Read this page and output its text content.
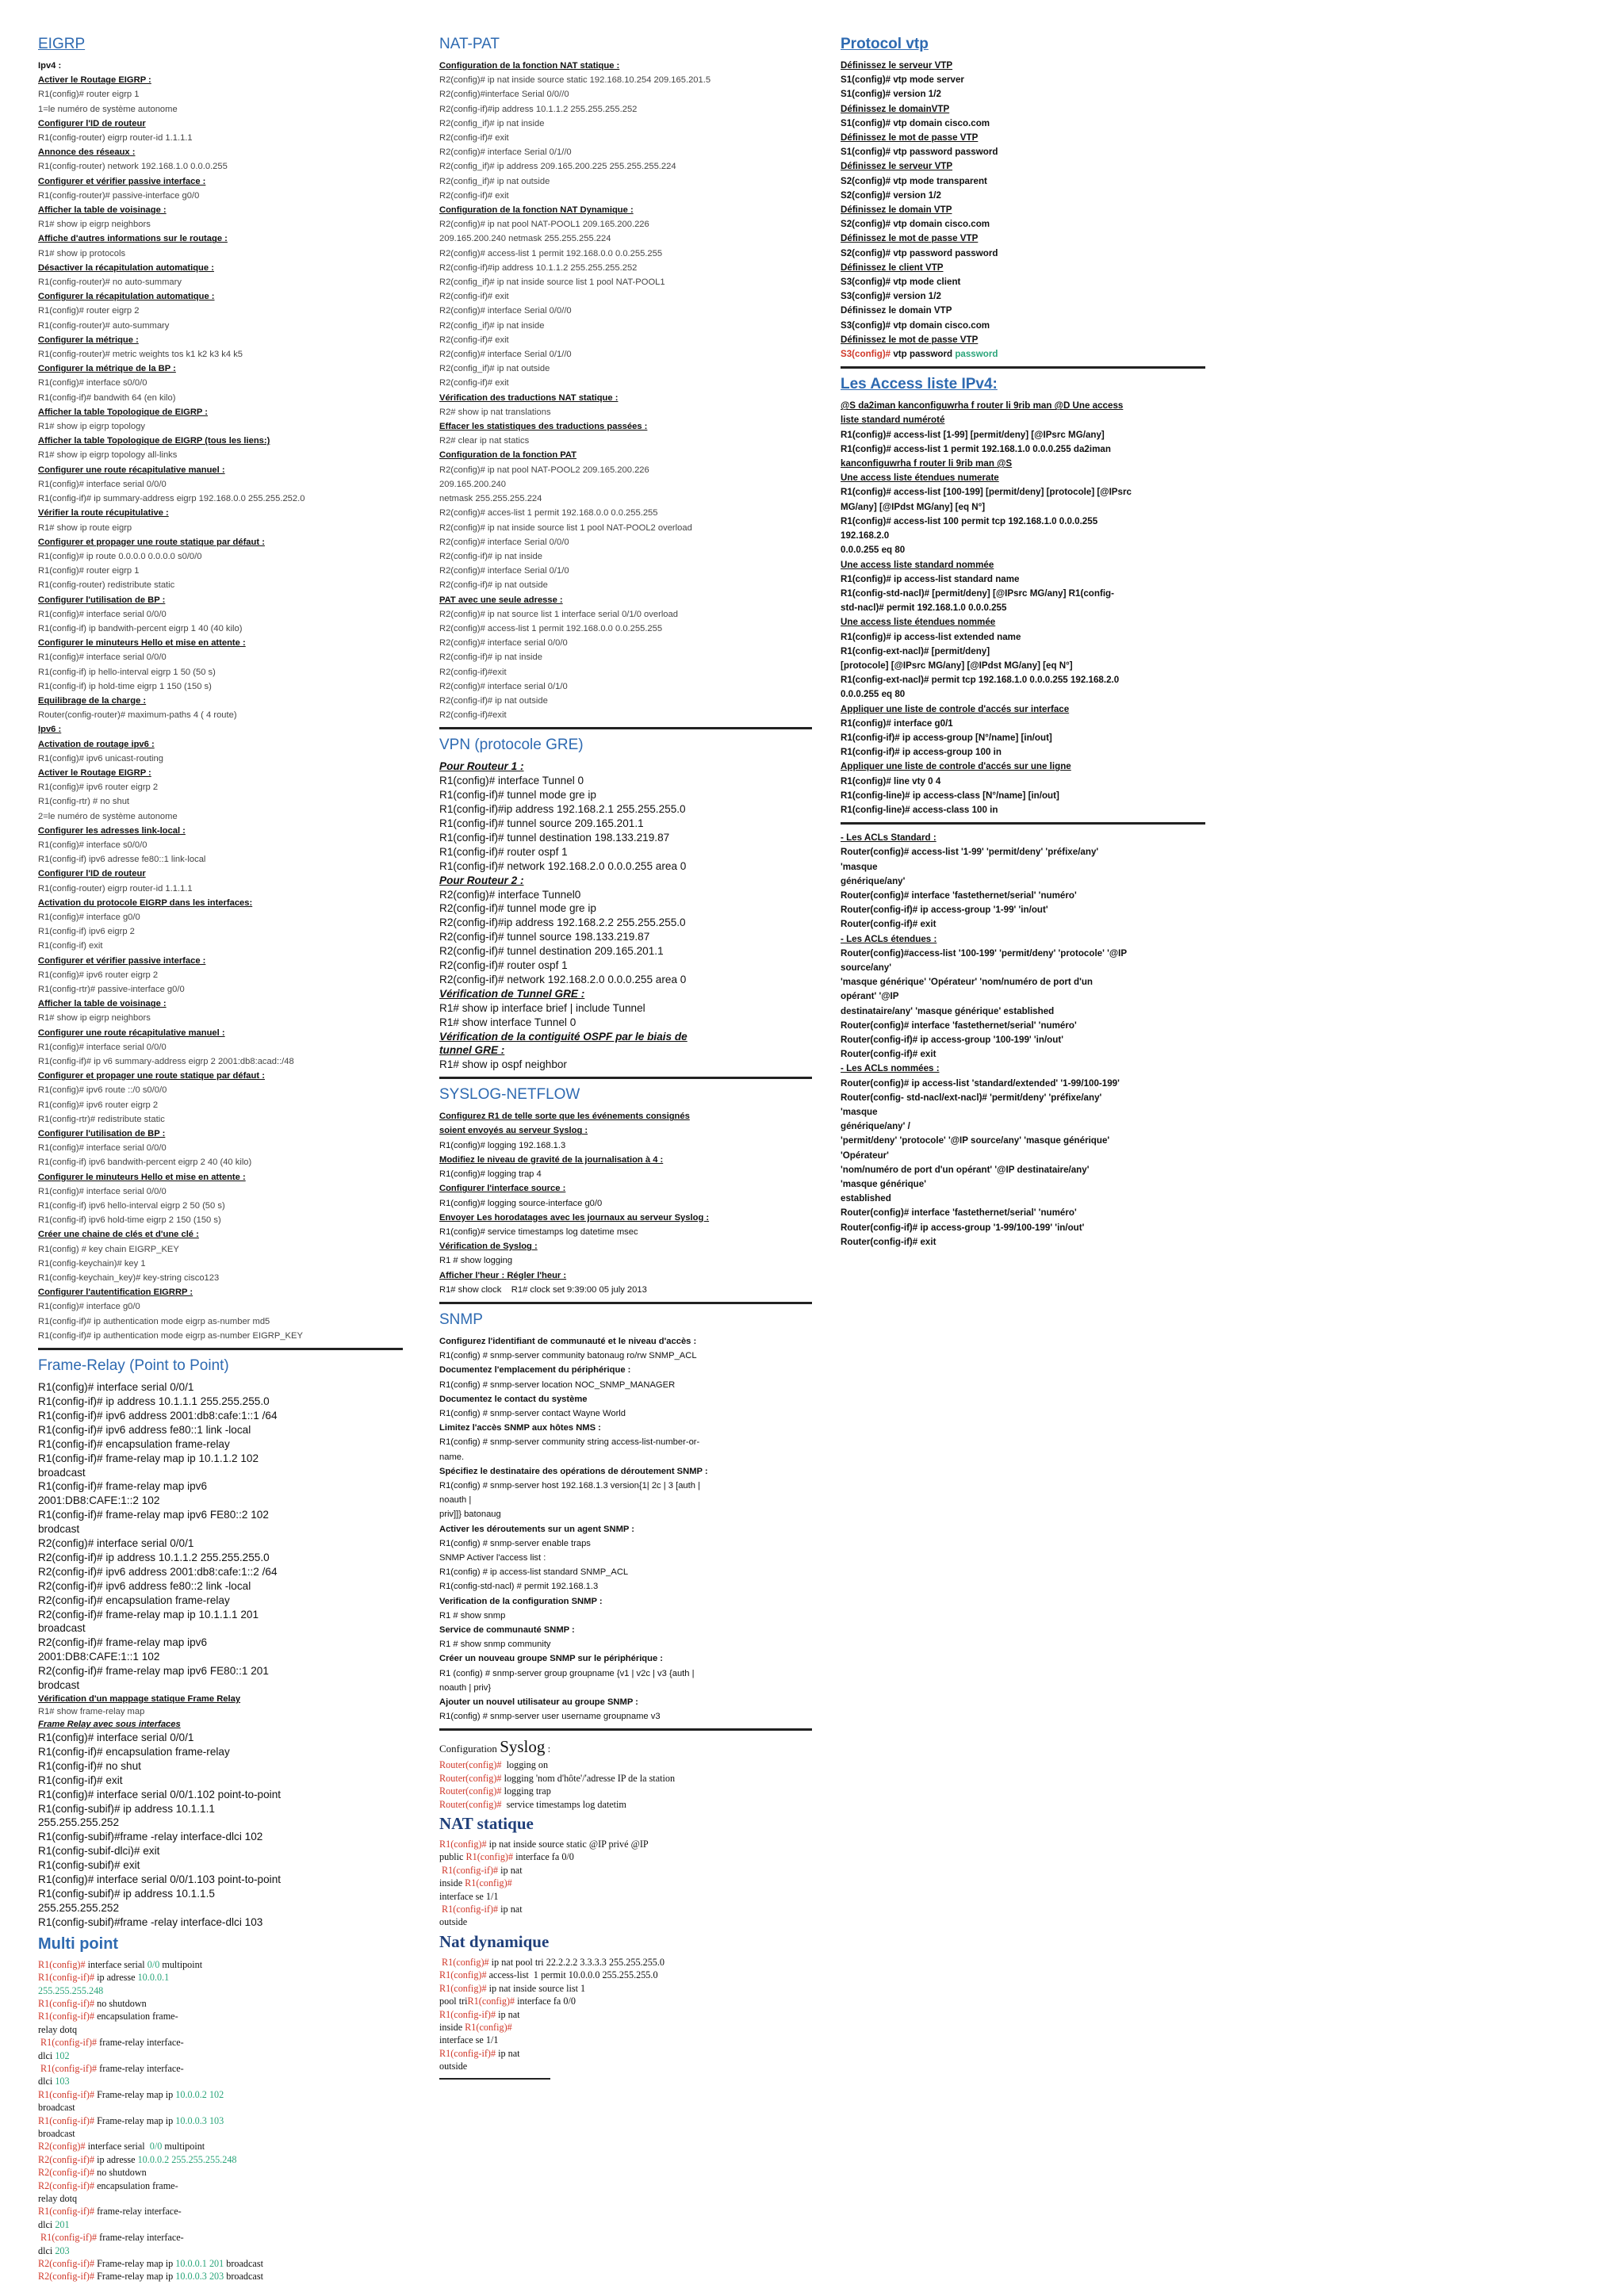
EIGRP
Ipv4 :
Activer le Routage EIGRP :
R1(config)# router eigrp 1
1=le numéro de système autonome
Configurer l'ID de routeur
R1(config-router) eigrp router-id 1.1.1.1
Annonce des réseaux :
R1(config-router) network 192.168.1.0 0.0.0.255
Configurer et vérifier passive interface :
R1(config-router)# passive-interface g0/0
Afficher la table de voisinage :
R1# show ip eigrp neighbors
Affiche d'autres informations sur le routage :
R1# show ip protocols
Désactiver la récapitulation automatique :
R1(config-router)# no auto-summary
Configurer la récapitulation automatique :
R1(config)# router eigrp 2
R1(config-router)# auto-summary
Configurer la métrique :
R1(config-router)# metric weights tos k1 k2 k3 k4 k5
Configurer la métrique de la BP :
R1(config)# interface s0/0/0
R1(config-if)# bandwith 64 (en kilo)
Afficher la table Topologique de EIGRP :
R1# show ip eigrp topology
Afficher la table Topologique de EIGRP (tous les liens:)
R1# show ip eigrp topology all-links
Configurer une route récapitulative manuel :
R1(config)# interface serial 0/0/0
R1(config-if)# ip summary-address eigrp 192.168.0.0 255.255.252.0
Vérifier la route récupitulative :
R1# show ip route eigrp
Configurer et propager une route statique par défaut :
R1(config)# ip route 0.0.0.0 0.0.0.0 s0/0/0
R1(config)# router eigrp 1
R1(config-router) redistribute static
Configurer l'utilisation de BP :
R1(config)# interface serial 0/0/0
R1(config-if) ip bandwith-percent eigrp 1 40 (40 kilo)
Configurer le minuteurs Hello et mise en attente :
R1(config)# interface serial 0/0/0
R1(config-if) ip hello-interval eigrp 1 50 (50 s)
R1(config-if) ip hold-time eigrp 1 150 (150 s)
Equilibrage de la charge :
Router(config-router)# maximum-paths 4 ( 4 route)
Ipv6 :
Activation de routage ipv6 :
R1(config)# ipv6 unicast-routing
Activer le Routage EIGRP :
R1(config)# ipv6 router eigrp 2
R1(config-rtr) # no shut
2=le numéro de système autonome
Configurer les adresses link-local :
R1(config)# interface s0/0/0
R1(config-if) ipv6 adresse fe80::1 link-local
Configurer l'ID de routeur
R1(config-router) eigrp router-id 1.1.1.1
Activation du protocole EIGRP dans les interfaces:
R1(config)# interface g0/0
R1(config-if) ipv6 eigrp 2
R1(config-if) exit
Configurer et vérifier passive interface :
R1(config)# ipv6 router eigrp 2
R1(config-rtr)# passive-interface g0/0
Afficher la table de voisinage :
R1# show ip eigrp neighbors
Configurer une route récapitulative manuel :
R1(config)# interface serial 0/0/0
R1(config-if)# ip v6 summary-address eigrp 2 2001:db8:acad::/48
Configurer et propager une route statique par défaut :
R1(config)# ipv6 route ::/0 s0/0/0
R1(config)# ipv6 router eigrp 2
R1(config-rtr)# redistribute static
Configurer l'utilisation de BP :
R1(config)# interface serial 0/0/0
R1(config-if) ipv6 bandwith-percent eigrp 2 40 (40 kilo)
Configurer le minuteurs Hello et mise en attente :
R1(config)# interface serial 0/0/0
R1(config-if) ipv6 hello-interval eigrp 2 50 (50 s)
R1(config-if) ipv6 hold-time eigrp 2 150 (150 s)
Créer une chaine de clés et d'une clé :
R1(config) # key chain EIGRP_KEY
R1(config-keychain)# key 1
R1(config-keychain_key)# key-string cisco123
Configurer l'autentification EIGRRP :
R1(config)# interface g0/0
R1(config-if)# ip authentication mode eigrp as-number md5
R1(config-if)# ip authentication mode eigrp as-number EIGRP_KEY
Frame-Relay (Point to Point)
R1(config)# interface serial 0/0/1
R1(config-if)# ip address 10.1.1.1 255.255.255.0
R1(config-if)# ipv6 address 2001:db8:cafe:1::1 /64
R1(config-if)# ipv6 address fe80::1 link -local
R1(config-if)# encapsulation frame-relay
R1(config-if)# frame-relay map ip 10.1.1.2 102
broadcast
R1(config-if)# frame-relay map ipv6
2001:DB8:CAFE:1::2 102
R1(config-if)# frame-relay map ipv6 FE80::2 102
brodcast
R2(config)# interface serial 0/0/1
R2(config-if)# ip address 10.1.1.2 255.255.255.0
R2(config-if)# ipv6 address 2001:db8:cafe:1::2 /64
R2(config-if)# ipv6 address fe80::2 link -local
R2(config-if)# encapsulation frame-relay
R2(config-if)# frame-relay map ip 10.1.1.1 201
broadcast
R2(config-if)# frame-relay map ipv6
2001:DB8:CAFE:1::1 102
R2(config-if)# frame-relay map ipv6 FE80::1 201
brodcast
Vérification d'un mappage statique Frame Relay
R1# show frame-relay map
Frame Relay avec sous interfaces
R1(config)# interface serial 0/0/1
R1(config-if)# encapsulation frame-relay
R1(config-if)# no shut
R1(config-if)# exit
R1(config)# interface serial 0/0/1.102 point-to-point
R1(config-subif)# ip address 10.1.1.1
255.255.255.252
R1(config-subif)#frame -relay interface-dlci 102
R1(config-subif-dlci)# exit
R1(config-subif)# exit
R1(config)# interface serial 0/0/1.103 point-to-point
R1(config-subif)# ip address 10.1.1.5
255.255.255.252
R1(config-subif)#frame -relay interface-dlci 103
Multi point
R1(config)# interface serial 0/0 multipoint
R1(config-if)# ip adresse 10.0.0.1
255.255.255.248
R1(config-if)# no shutdown
R1(config-if)# encapsulation frame-
relay dotq
R1(config-if)# frame-relay interface-
dlci 102
R1(config-if)# frame-relay interface-
dlci 103
R1(config-if)# Frame-relay map ip 10.0.0.2 102
broadcast
R1(config-if)# Frame-relay map ip 10.0.0.3 103
broadcast
R2(config)# interface serial  0/0 multipoint
R2(config-if)# ip adresse 10.0.0.2 255.255.255.248
R2(config-if)# no shutdown
R2(config-if)# encapsulation frame-
relay dotq
R1(config-if)# frame-relay interface-
dlci 201
R1(config-if)# frame-relay interface-
dlci 203
R2(config-if)# Frame-relay map ip 10.0.0.1 201 broadcast
R2(config-if)# Frame-relay map ip 10.0.0.3 203 broadcast
NAT-PAT
Configuration de la fonction NAT statique :
R2(config)# ip nat inside source static 192.168.10.254 209.165.201.5
R2(config)#interface Serial 0/0//0
R2(config-if)#ip address 10.1.1.2 255.255.255.252
R2(config_if)# ip nat inside
R2(config-if)# exit
R2(config)# interface Serial 0/1//0
R2(config_if)# ip address 209.165.200.225 255.255.255.224
R2(config_if)# ip nat outside
R2(config-if)# exit
Configuration de la fonction NAT Dynamique :
R2(config)# ip nat pool NAT-POOL1 209.165.200.226
209.165.200.240 netmask 255.255.255.224
R2(config)# access-list 1 permit 192.168.0.0 0.0.255.255
R2(config-if)#ip address 10.1.1.2 255.255.255.252
R2(config_if)# ip nat inside source list 1 pool NAT-POOL1
R2(config-if)# exit
R2(config)# interface Serial 0/0//0
R2(config_if)# ip nat inside
R2(config-if)# exit
R2(config)# interface Serial 0/1//0
R2(config_if)# ip nat outside
R2(config-if)# exit
Vérification des traductions NAT statique :
R2# show ip nat translations
Effacer les statistiques des traductions passées :
R2# clear ip nat statics
Configuration de la fonction PAT
R2(config)# ip nat pool NAT-POOL2 209.165.200.226
209.165.200.240
netmask 255.255.255.224
R2(config)# acces-list 1 permit 192.168.0.0 0.0.255.255
R2(config)# ip nat inside source list 1 pool NAT-POOL2 overload
R2(config)# interface Serial 0/0/0
R2(config-if)# ip nat inside
R2(config)# interface Serial 0/1/0
R2(config-if)# ip nat outside
PAT avec une seule adresse :
R2(config)# ip nat source list 1 interface serial 0/1/0 overload
R2(config)# access-list 1 permit 192.168.0.0 0.0.255.255
R2(config)# interface serial 0/0/0
R2(config-if)# ip nat inside
R2(config-if)#exit
R2(config)# interface serial 0/1/0
R2(config-if)# ip nat outside
R2(config-if)#exit
VPN (protocole GRE)
Pour Routeur 1 :
R1(config)# interface Tunnel 0
R1(config-if)# tunnel mode gre ip
R1(config-if)#ip address 192.168.2.1 255.255.255.0
R1(config-if)# tunnel source 209.165.201.1
R1(config-if)# tunnel destination 198.133.219.87
R1(config-if)# router ospf 1
R1(config-if)# network 192.168.2.0 0.0.0.255 area 0
Pour Routeur 2 :
R2(config)# interface Tunnel0
R2(config-if)# tunnel mode gre ip
R2(config-if)#ip address 192.168.2.2 255.255.255.0
R2(config-if)# tunnel source 198.133.219.87
R2(config-if)# tunnel destination 209.165.201.1
R2(config-if)# router ospf 1
R2(config-if)# network 192.168.2.0 0.0.0.255 area 0
Vérification de Tunnel GRE :
R1# show ip interface brief | include Tunnel
R1# show interface Tunnel 0
Vérification de la contiguité OSPF par le biais de
tunnel GRE :
R1# show ip ospf neighbor
SYSLOG-NETFLOW
Configurez R1 de telle sorte que les événements consignés
soient envoyés au serveur Syslog :
R1(config)# logging 192.168.1.3
Modifiez le niveau de gravité de la journalisation à 4 :
R1(config)# logging trap 4
Configurer l'interface source :
R1(config)# logging source-interface g0/0
Envoyer Les horodatages avec les journaux au serveur Syslog :
R1(config)# service timestamps log datetime msec
Vérification de Syslog :
R1 # show logging
Afficher l'heur : Régler l'heur :
R1# show clock    R1# clock set 9:39:00 05 july 2013
SNMP
Configurez l'identifiant de communauté et le niveau d'accès :
R1(config) # snmp-server community batonaug ro/rw SNMP_ACL
Documentez l'emplacement du périphérique :
R1(config) # snmp-server location NOC_SNMP_MANAGER
Documentez le contact du système
R1(config) # snmp-server contact Wayne World
Limitez l'accès SNMP aux hôtes NMS :
R1(config) # snmp-server community string access-list-number-or-
name.
Spécifiez le destinataire des opérations de déroutement SNMP :
R1(config) # snmp-server host 192.168.1.3 version{1| 2c | 3 [auth |
noauth |
priv]]} batonaug
Activer les déroutements sur un agent SNMP :
R1(config) # snmp-server enable traps
SNMP Activer l'access list :
R1(config) # ip access-list standard SNMP_ACL
R1(config-std-nacl) # permit 192.168.1.3
Verification de la configuration SNMP :
R1 # show snmp
Service de communauté SNMP :
R1 # show snmp community
Créer un nouveau groupe SNMP sur le périphérique :
R1 (config) # snmp-server group groupname {v1 | v2c | v3 {auth |
noauth | priv}
Ajouter un nouvel utilisateur au groupe SNMP :
R1(config) # snmp-server user username groupname v3
Configuration Syslog :
Router(config)#  logging on
Router(config)# logging 'nom d'hôte'/'adresse IP de la station
Router(config)# logging trap
Router(config)#  service timestamps log datetim
NAT statique
R1(config)# ip nat inside source static @IP privé @IP
public R1(config)# interface fa 0/0
R1(config-if)# ip nat
inside R1(config)#
interface se 1/1
R1(config-if)# ip nat
outside
Nat dynamique
R1(config)# ip nat pool tri 22.2.2.2 3.3.3.3 255.255.255.0
R1(config)# access-list  1 permit 10.0.0.0 255.255.255.0
R1(config)# ip nat inside source list 1
pool triR1(config)# interface fa 0/0
R1(config-if)# ip nat
inside R1(config)#
interface se 1/1
R1(config-if)# ip nat
outside
Protocol vtp
Définissez le serveur VTP
S1(config)# vtp mode server
S1(config)# version 1/2
Définissez le domainVTP
S1(config)# vtp domain cisco.com
Définissez le mot de passe VTP
S1(config)# vtp password password
Définissez le serveur VTP
S2(config)# vtp mode transparent
S2(config)# version 1/2
Définissez le domain VTP
S2(config)# vtp domain cisco.com
Définissez le mot de passe VTP
S2(config)# vtp password password
Définissez le client VTP
S3(config)# vtp mode client
S3(config)# version 1/2
Définissez le domain VTP
S3(config)# vtp domain cisco.com
Définissez le mot de passe VTP
S3(config)# vtp password password
Les Access liste IPv4:
@S da2iman kanconfiguwrha f router li 9rib man @D Une access
liste standard numéroté
R1(config)# access-list [1-99] [permit/deny] [@IPsrc MG/any]
R1(config)# access-list 1 permit 192.168.1.0 0.0.0.255 da2iman
kanconfiguwrha f router li 9rib man @S
Une access liste étendues numerate
R1(config)# access-list [100-199] [permit/deny] [protocole] [@IPsrc
MG/any] [@IPdst MG/any] [eq N°]
R1(config)# access-list 100 permit tcp 192.168.1.0 0.0.0.255
192.168.2.0
0.0.0.255 eq 80
Une access liste standard nommée
R1(config)# ip access-list standard name
R1(config-std-nacl)# [permit/deny] [@IPsrc MG/any] R1(config-
std-nacl)# permit 192.168.1.0 0.0.0.255
Une access liste étendues nommée
R1(config)# ip access-list extended name
R1(config-ext-nacl)# [permit/deny]
[protocole] [@IPsrc MG/any] [@IPdst MG/any] [eq N°]
R1(config-ext-nacl)# permit tcp 192.168.1.0 0.0.0.255 192.168.2.0
0.0.0.255 eq 80
Appliquer une liste de controle d'accés sur interface
R1(config)# interface g0/1
R1(config-if)# ip access-group [N°/name] [in/out]
R1(config-if)# ip access-group 100 in
Appliquer une liste de controle d'accés sur une ligne
R1(config)# line vty 0 4
R1(config-line)# ip access-class [N°/name] [in/out]
R1(config-line)# access-class 100 in
- Les ACLs Standard :
Router(config)# access-list '1-99' 'permit/deny' 'préfixe/any'
'masque
générique/any'
Router(config)# interface 'fastethernet/serial' 'numéro'
Router(config-if)# ip access-group '1-99' 'in/out'
Router(config-if)# exit
- Les ACLs étendues :
Router(config)#access-list '100-199' 'permit/deny' 'protocole' '@IP
source/any'
'masque générique' 'Opérateur' 'nom/numéro de port d'un
opérant' '@IP
destinataire/any' 'masque générique' established
Router(config)# interface 'fastethernet/serial' 'numéro'
Router(config-if)# ip access-group '100-199' 'in/out'
Router(config-if)# exit
- Les ACLs nommées :
Router(config)# ip access-list 'standard/extended' '1-99/100-199'
Router(config- std-nacl/ext-nacl)# 'permit/deny' 'préfixe/any'
'masque
générique/any' /
'permit/deny' 'protocole' '@IP source/any' 'masque générique'
'Opérateur'
'nom/numéro de port d'un opérant' '@IP destinataire/any'
'masque générique'
established
Router(config)# interface 'fastethernet/serial' 'numéro'
Router(config-if)# ip access-group '1-99/100-199' 'in/out'
Router(config-if)# exit
